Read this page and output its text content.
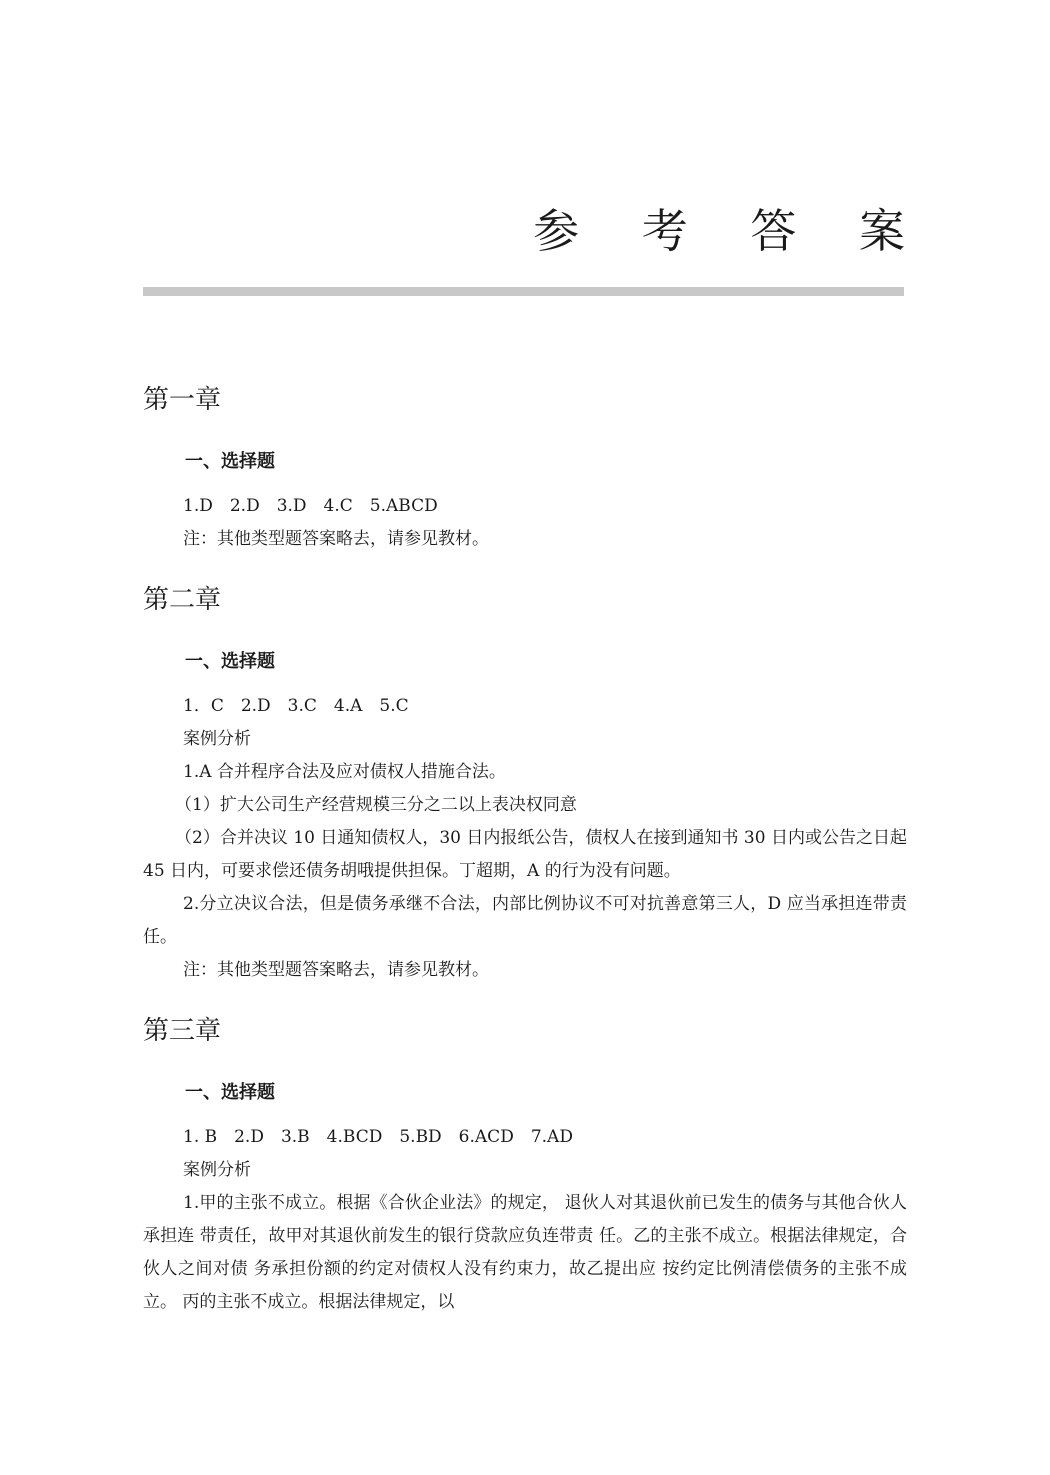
参 考 答 案
第一章
一、选择题

1.D　2.D　3.D　4.C　5.ABCD

注：其他类型题答案略去，请参见教材。

第二章
一、选择题

1．C　2.D　3.C　4.A　5.C

案例分析

1.A 合并程序合法及应对债权人措施合法。

（1）扩大公司生产经营规模三分之二以上表决权同意

（2）合并决议 10 日通知债权人，30 日内报纸公告，债权人在接到通知书 30 日内或公告之日起 45 日内，可要求偿还债务胡哦提供担保。丁超期，A 的行为没有问题。

2.分立决议合法，但是债务承继不合法，内部比例协议不可对抗善意第三人，D 应当承担连带责任。

注：其他类型题答案略去，请参见教材。

第三章
一、选择题

1. B　2.D　3.B　4.BCD　5.BD　6.ACD　7.AD

案例分析

1.甲的主张不成立。根据《合伙企业法》的规定， 退伙人对其退伙前已发生的债务与其他合伙人承担连 带责任，故甲对其退伙前发生的银行贷款应负连带责 任。乙的主张不成立。根据法律规定，合伙人之间对债 务承担份额的约定对债权人没有约束力，故乙提出应 按约定比例清偿债务的主张不成立。 丙的主张不成立。根据法律规定，以
